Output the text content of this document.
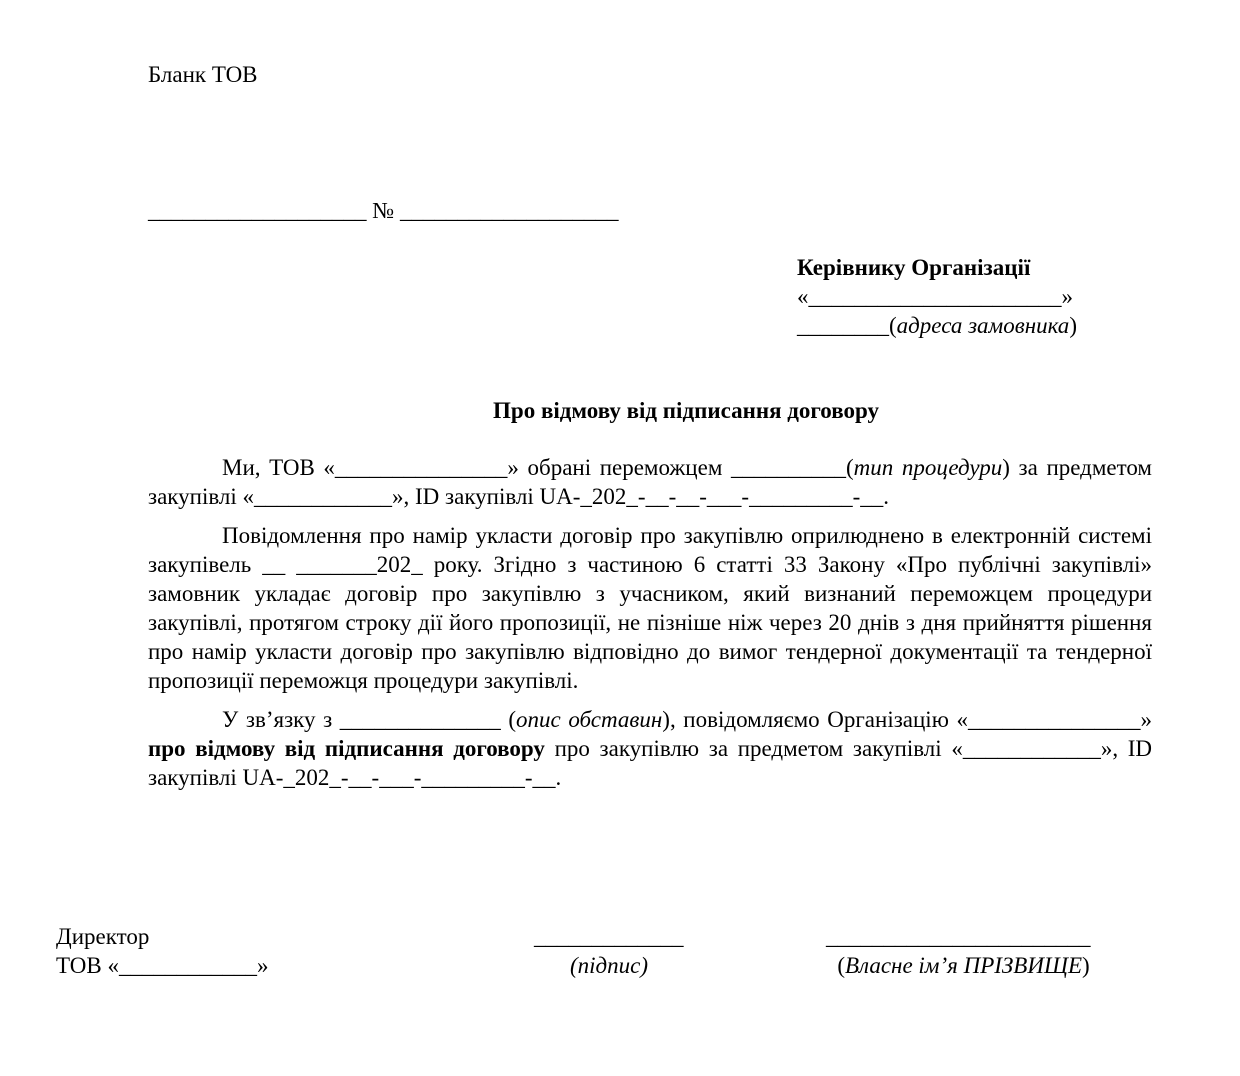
Бланк ТОВ
___________________ № ___________________
Керівнику Організації
«______________________»
________(адреса замовника)
Про відмову від підписання договору

Ми, ТОВ «_______________» обрані переможцем __________(тип процедури) за предметом закупівлі «____________», ID закупівлі UA-_202_-__-__-___-_________-__.

Повідомлення про намір укласти договір про закупівлю оприлюднено в електронній системі закупівель __ _______202_ року. Згідно з частиною 6 статті 33 Закону «Про публічні закупівлі» замовник укладає договір про закупівлю з учасником, який визнаний переможцем процедури закупівлі, протягом строку дії його пропозиції, не пізніше ніж через 20 днів з дня прийняття рішення про намір укласти договір про закупівлю відповідно до вимог тендерної документації та тендерної пропозиції переможця процедури закупівлі.

У зв’язку з ______________ (опис обставин), повідомляємо Організацію «_______________» про відмову від підписання договору про закупівлю за предметом закупівлі «____________», ID закупівлі UA-_202_-__-___-_________-__.

Директор
ТОВ «____________»
_____________
(підпис)
_______________________
(Власне ім’я ПРІЗВИЩЕ)
